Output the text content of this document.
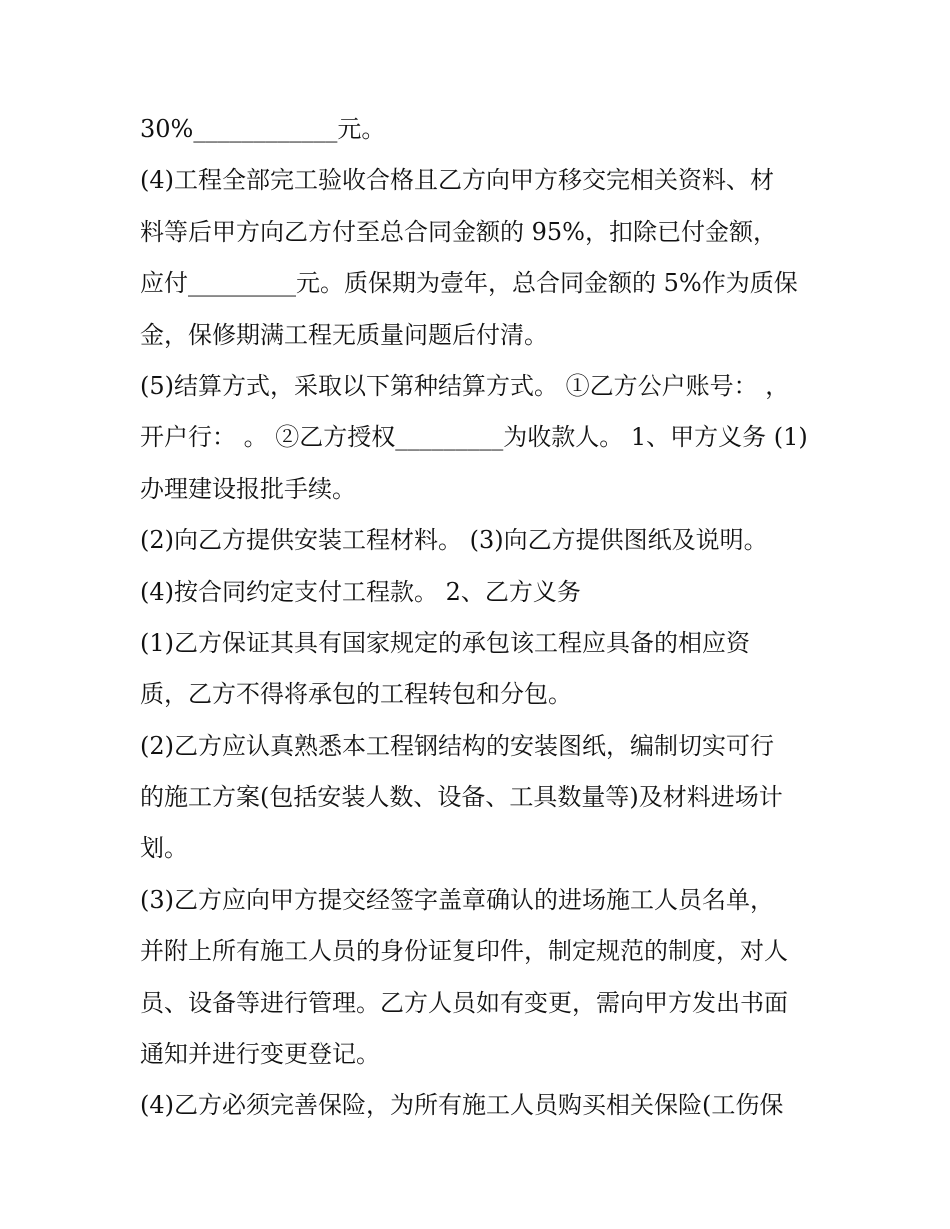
30%____________元。
(4)工程全部完工验收合格且乙方向甲方移交完相关资料、材
料等后甲方向乙方付至总合同金额的 95%，扣除已付金额，
应付_________元。质保期为壹年，总合同金额的 5%作为质保
金，保修期满工程无质量问题后付清。
(5)结算方式，采取以下第种结算方式。 ①乙方公户账号： ，
开户行： 。 ②乙方授权_________为收款人。 1、甲方义务 (1)
办理建设报批手续。
(2)向乙方提供安装工程材料。 (3)向乙方提供图纸及说明。
(4)按合同约定支付工程款。 2、乙方义务
(1)乙方保证其具有国家规定的承包该工程应具备的相应资
质，乙方不得将承包的工程转包和分包。
(2)乙方应认真熟悉本工程钢结构的安装图纸，编制切实可行
的施工方案(包括安装人数、设备、工具数量等)及材料进场计
划。
(3)乙方应向甲方提交经签字盖章确认的进场施工人员名单，
并附上所有施工人员的身份证复印件，制定规范的制度，对人
员、设备等进行管理。乙方人员如有变更，需向甲方发出书面
通知并进行变更登记。
(4)乙方必须完善保险，为所有施工人员购买相关保险(工伤保
